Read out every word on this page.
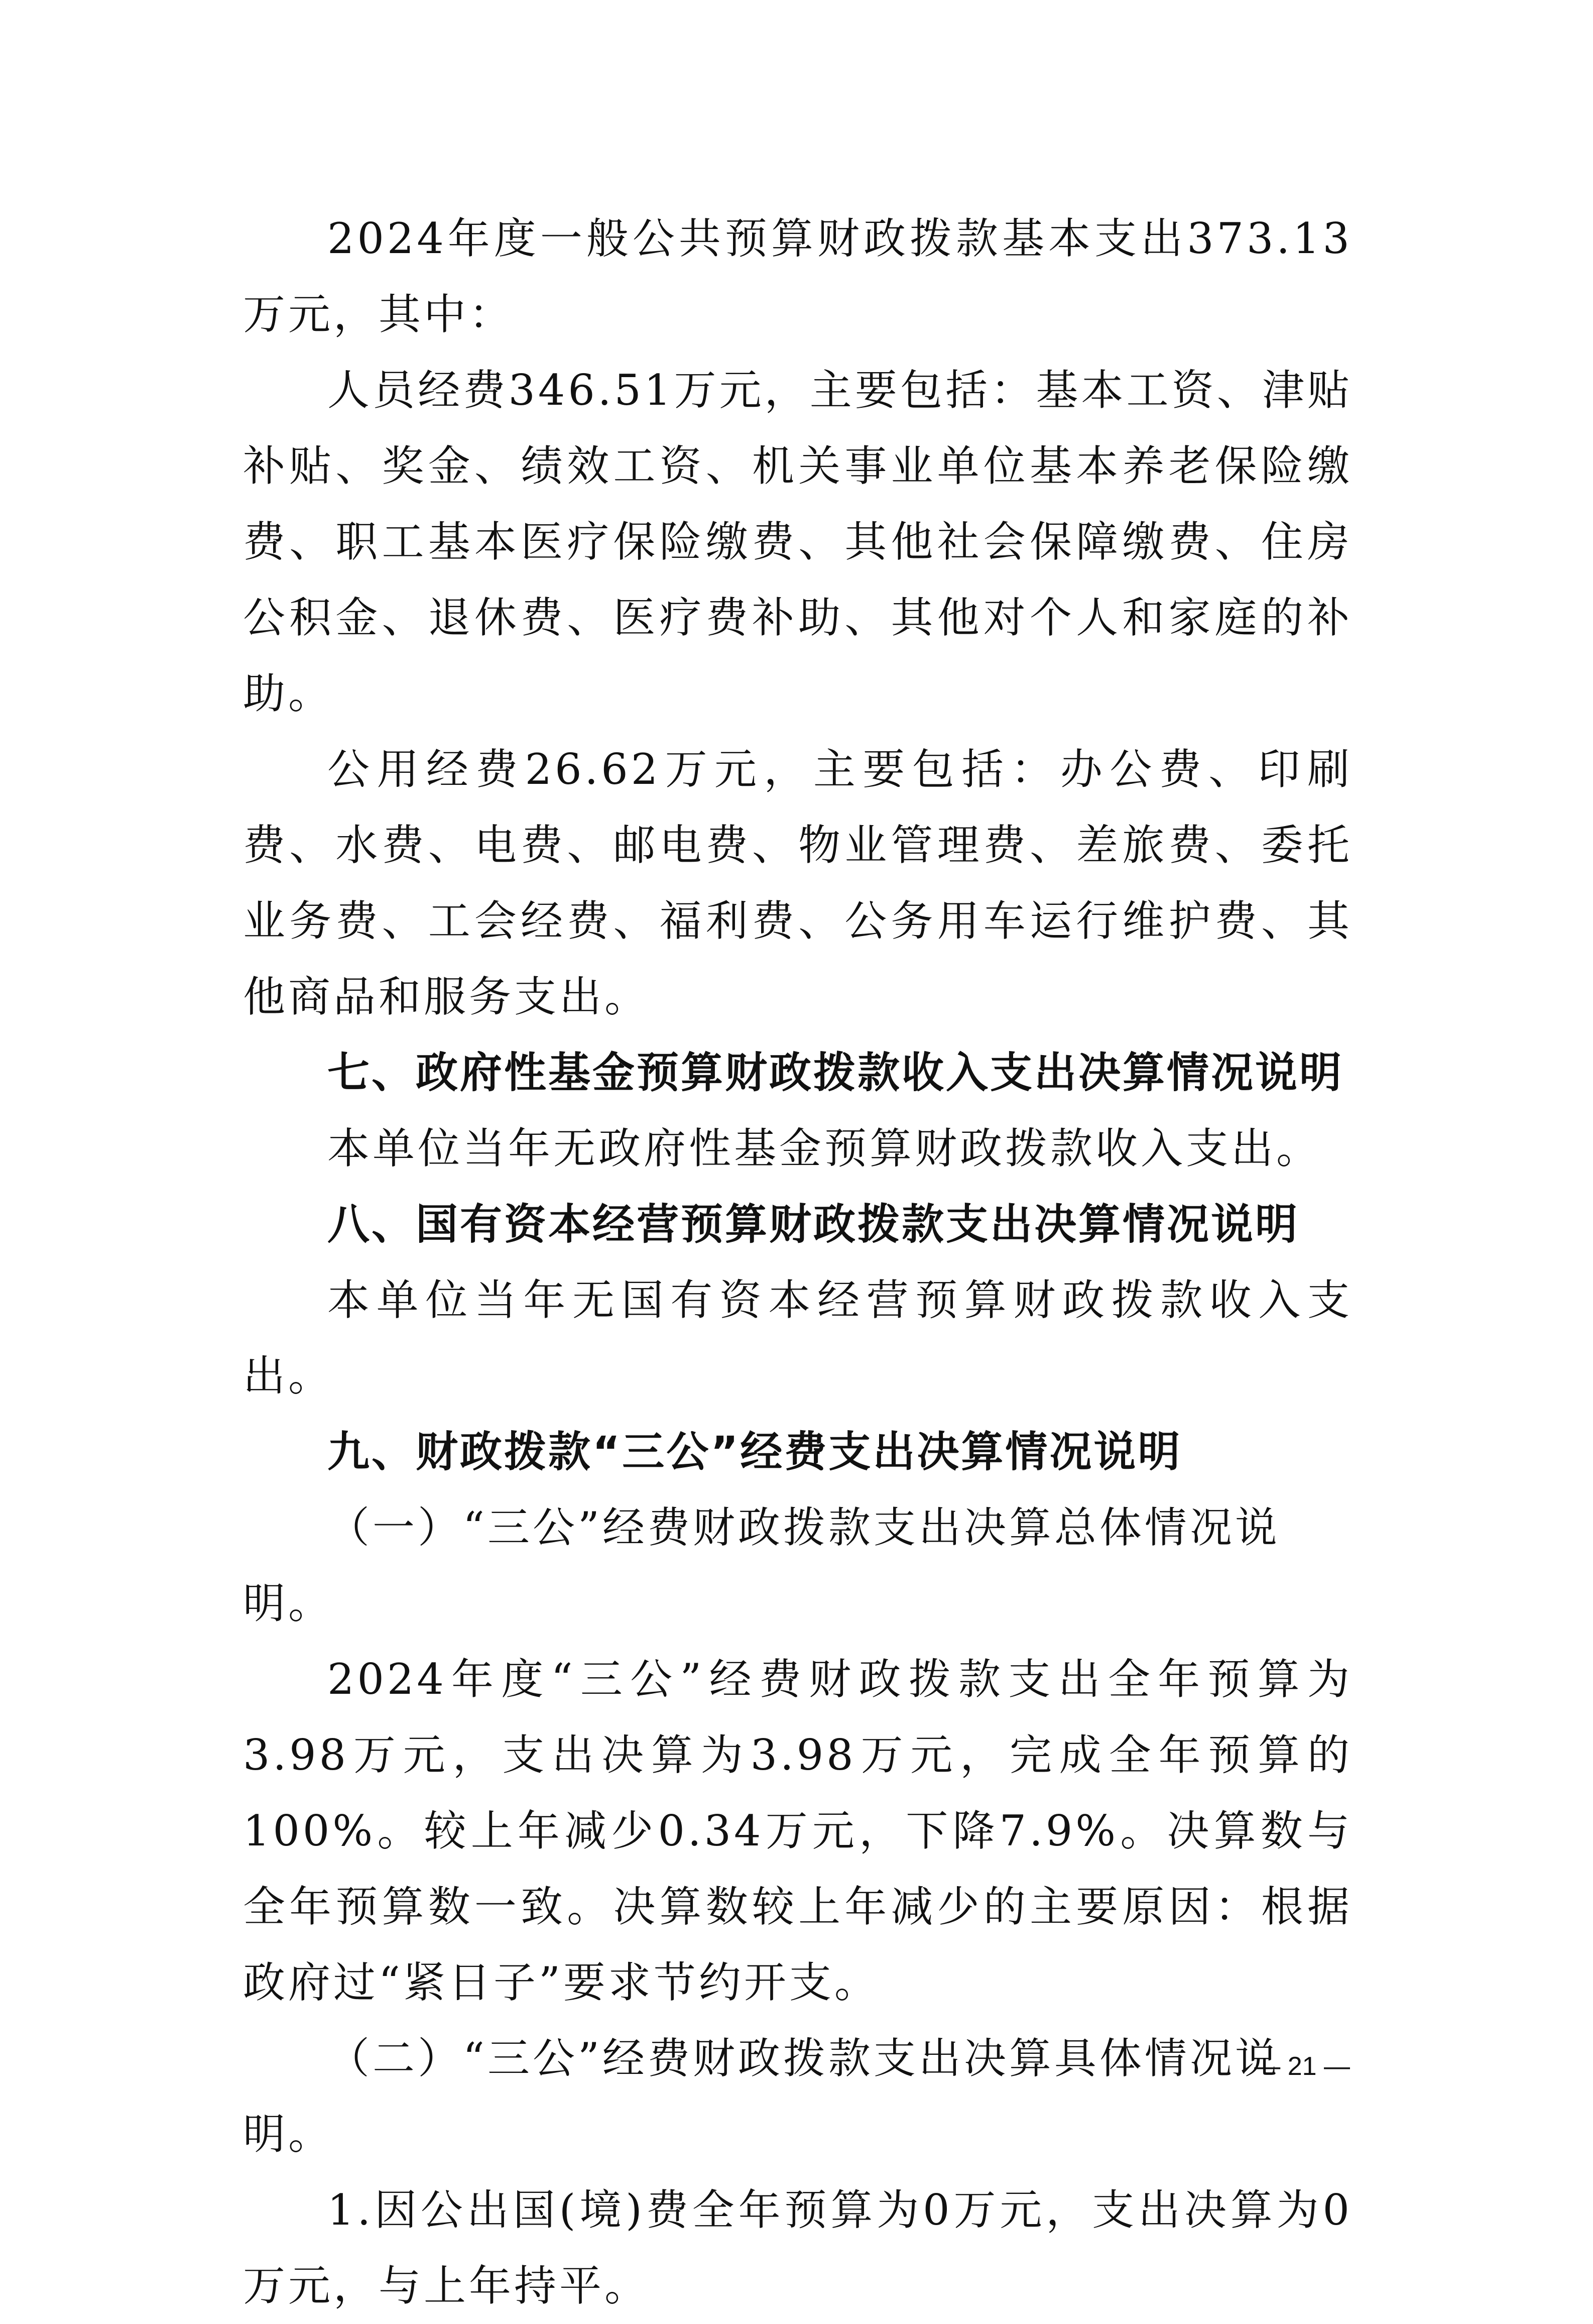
2024年度一般公共预算财政拨款基本支出373.13万元，其中：

人员经费346.51万元，主要包括：基本工资、津贴补贴、奖金、绩效工资、机关事业单位基本养老保险缴费、职工基本医疗保险缴费、其他社会保障缴费、住房公积金、退休费、医疗费补助、其他对个人和家庭的补助。

公用经费26.62万元，主要包括：办公费、印刷费、水费、电费、邮电费、物业管理费、差旅费、委托业务费、工会经费、福利费、公务用车运行维护费、其他商品和服务支出。

七、政府性基金预算财政拨款收入支出决算情况说明

本单位当年无政府性基金预算财政拨款收入支出。

八、国有资本经营预算财政拨款支出决算情况说明

本单位当年无国有资本经营预算财政拨款收入支出。

九、财政拨款“三公”经费支出决算情况说明

（一）“三公”经费财政拨款支出决算总体情况说明。

2024年度“三公”经费财政拨款支出全年预算为3.98万元，支出决算为3.98万元，完成全年预算的100%。较上年减少0.34万元，下降7.9%。决算数与全年预算数一致。决算数较上年减少的主要原因：根据政府过“紧日子”要求节约开支。

（二）“三公”经费财政拨款支出决算具体情况说明。

1.因公出国(境)费全年预算为0万元，支出决算为0万元，与上年持平。

— 21 —
